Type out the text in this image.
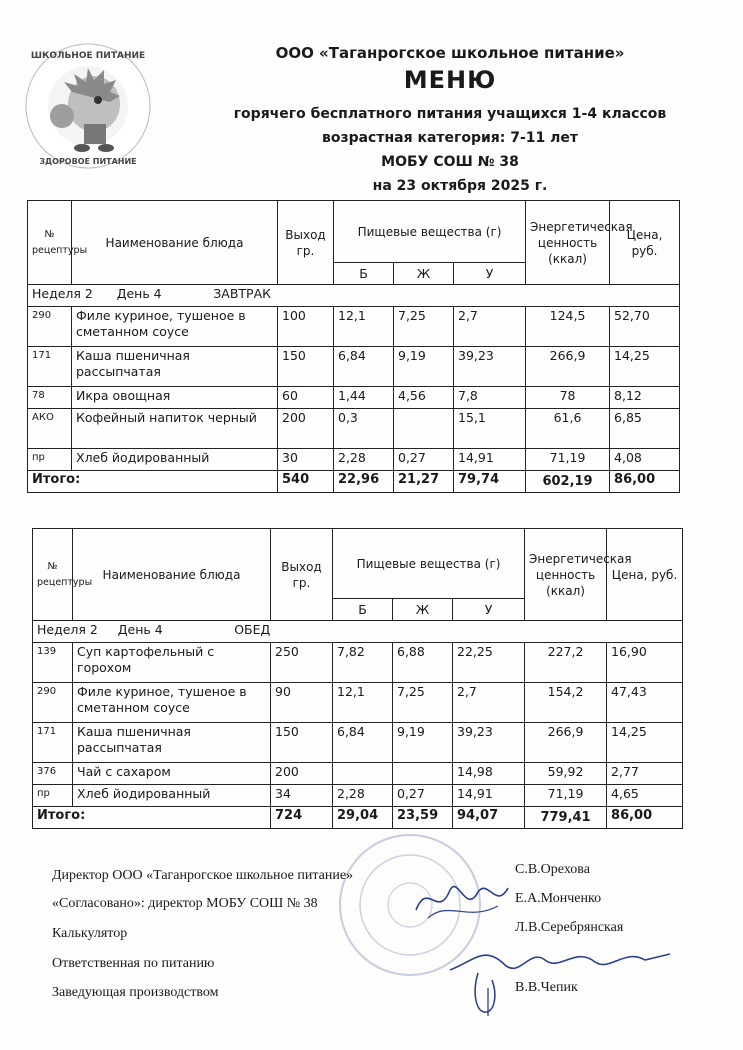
ШКОЛЬНОЕ ПИТАНИЕ
ЗДОРОВОЕ ПИТАНИЕ
ООО «Таганрогское школьное питание»
МЕНЮ
горячего бесплатного питания учащихся 1-4 классов
возрастная категория: 7-11 лет
МОБУ СОШ № 38
на 23 октября 2025 г.
№ рецептуры	Наименование блюда	Выход гр.	Пищевые вещества (г)			Энергетическая ценность (ккал)	Цена, руб.
			Б	Ж	У		
Неделя 2 День 4 ЗАВТРАК							
290	Филе куриное, тушеное в сметанном соусе	100	12,1	7,25	2,7	124,5	52,70
171	Каша пшеничная рассыпчатая	150	6,84	9,19	39,23	266,9	14,25
78	Икра овощная	60	1,44	4,56	7,8	78	8,12
АКО	Кофейный напиток черный	200	0,3		15,1	61,6	6,85
пр	Хлеб йодированный	30	2,28	0,27	14,91	71,19	4,08
Итого:		540	22,96	21,27	79,74	602,19	86,00
№ рецептуры	Наименование блюда	Выход гр.	Пищевые вещества (г)			Энергетическая ценность (ккал)	Цена, руб.
			Б	Ж	У		
Неделя 2 День 4 ОБЕД							
139	Суп картофельный с горохом	250	7,82	6,88	22,25	227,2	16,90
290	Филе куриное, тушеное в сметанном соусе	90	12,1	7,25	2,7	154,2	47,43
171	Каша пшеничная рассыпчатая	150	6,84	9,19	39,23	266,9	14,25
376	Чай с сахаром	200			14,98	59,92	2,77
пр	Хлеб йодированный	34	2,28	0,27	14,91	71,19	4,65
Итого:		724	29,04	23,59	94,07	779,41	86,00
Директор ООО «Таганрогское школьное питание»	С.В.Орехова
«Согласовано»: директор МОБУ СОШ № 38	Е.А.Монченко
Калькулятор	Л.В.Серебрянская
Ответственная по питанию
Заведующая производством	В.В.Чепик
